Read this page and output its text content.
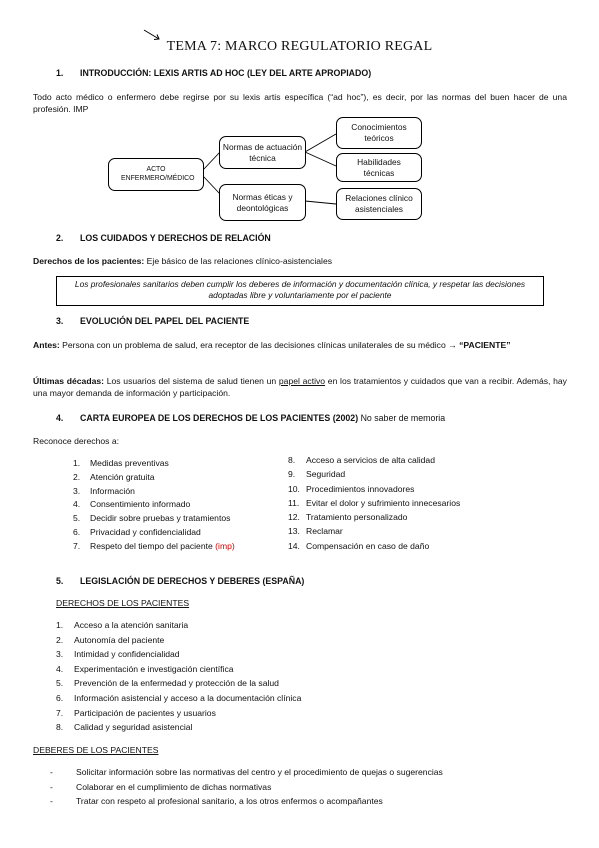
TEMA 7: MARCO REGULATORIO REGAL
1. INTRODUCCIÓN: LEXIS ARTIS AD HOC (LEY DEL ARTE APROPIADO)
Todo acto médico o enfermero debe regirse por su lexis artis específica (“ad hoc”), es decir, por las normas del buen hacer de una profesión. IMP
ACTO ENFERMERO/MÉDICO
Normas de actuación técnica
Normas éticas y deontológicas
Conocimientos teóricos
Habilidades técnicas
Relaciones clínico asistenciales
2. LOS CUIDADOS Y DERECHOS DE RELACIÓN
Derechos de los pacientes: Eje básico de las relaciones clínico-asistenciales
Los profesionales sanitarios deben cumplir los deberes de información y documentación clínica, y respetar las decisiones adoptadas libre y voluntariamente por el paciente
3. EVOLUCIÓN DEL PAPEL DEL PACIENTE
Antes: Persona con un problema de salud, era receptor de las decisiones clínicas unilaterales de su médico → “PACIENTE”
Últimas décadas: Los usuarios del sistema de salud tienen un papel activo en los tratamientos y cuidados que van a recibir. Además, hay una mayor demanda de información y participación.
4. CARTA EUROPEA DE LOS DERECHOS DE LOS PACIENTES (2002) No saber de memoria
Reconoce derechos a:
1. Medidas preventivas
2. Atención gratuita
3. Información
4. Consentimiento informado
5. Decidir sobre pruebas y tratamientos
6. Privacidad y confidencialidad
7. Respeto del tiempo del paciente (imp)
8. Acceso a servicios de alta calidad
9. Seguridad
10. Procedimientos innovadores
11. Evitar el dolor y sufrimiento innecesarios
12. Tratamiento personalizado
13. Reclamar
14. Compensación en caso de daño
5. LEGISLACIÓN DE DERECHOS Y DEBERES (ESPAÑA)
DERECHOS DE LOS PACIENTES
1. Acceso a la atención sanitaria
2. Autonomía del paciente
3. Intimidad y confidencialidad
4. Experimentación e investigación científica
5. Prevención de la enfermedad y protección de la salud
6. Información asistencial y acceso a la documentación clínica
7. Participación de pacientes y usuarios
8. Calidad y seguridad asistencial
DEBERES DE LOS PACIENTES
-	Solicitar información sobre las normativas del centro y el procedimiento de quejas o sugerencias
-	Colaborar en el cumplimiento de dichas normativas
-	Tratar con respeto al profesional sanitario, a los otros enfermos o acompañantes
